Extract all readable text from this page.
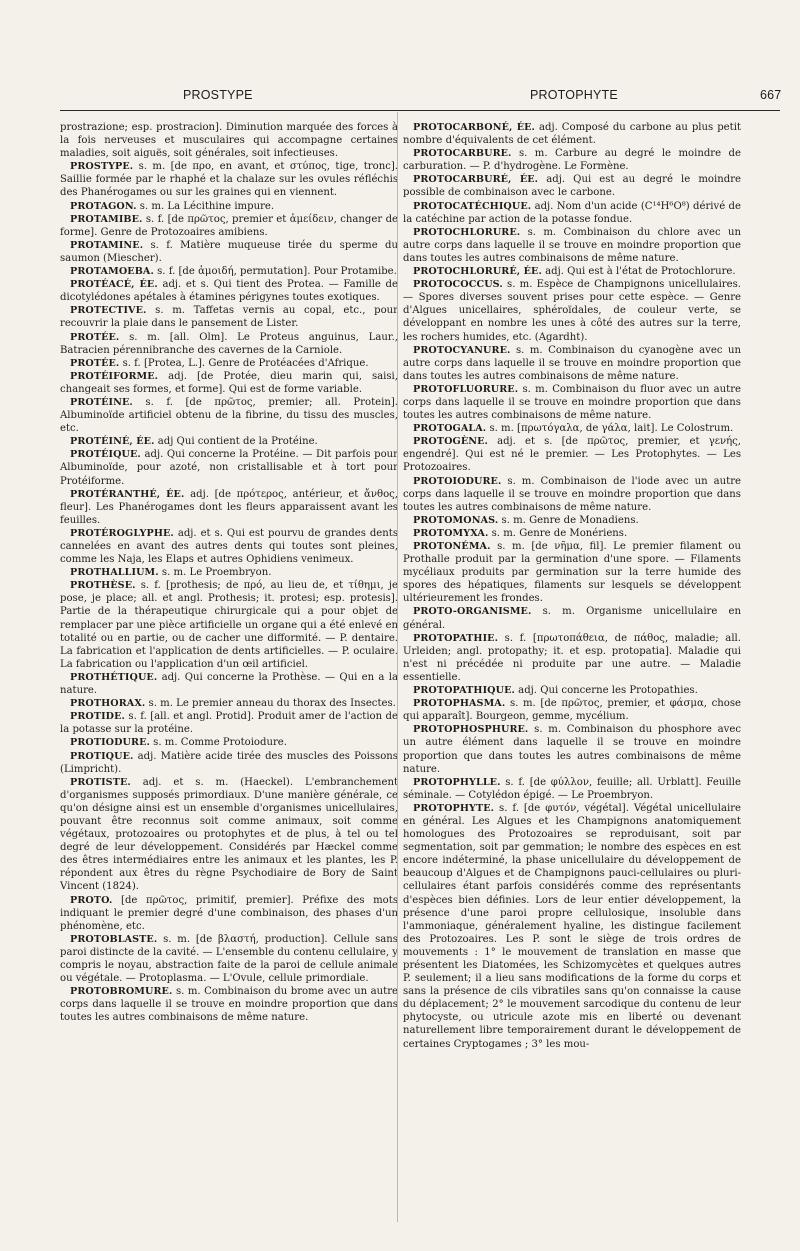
PROSTYPE	PROTOPHYTE	667

prostrazione; esp. prostracion]. Diminution marquée des forces à la fois nerveuses et musculaires qui accompagne certaines maladies, soit aiguës, soit générales, soit infectieuses.

PROSTYPE. s. m. [de πρo, en avant, et στύπος, tige, tronc]. Saillie formée par le rhaphé et la chalaze sur les ovules réfléchis des Phanérogames ou sur les graines qui en viennent.

PROTAGON. s. m. La Lécithine impure.

PROTAMIBE. s. f. [de πρῶτος, premier et ἀμείδειν, changer de forme]. Genre de Protozoaires amibiens.

PROTAMINE. s. f. Matière muqueuse tirée du sperme du saumon (Miescher).

PROTAMOEBA. s. f. [de ἀμοιδή, permutation]. Pour Protamibe.

PROTÉACÉ, ÉE. adj. et s. Qui tient des Protea. — Famille de dicotylédones apétales à étamines périgynes toutes exotiques.

PROTECTIVE. s. m. Taffetas vernis au copal, etc., pour recouvrir la plaie dans le pansement de Lister.

PROTÉE. s. m. [all. Olm]. Le Proteus anguinus, Laur., Batracien pérennibranche des cavernes de la Carniole.

PROTÉE. s. f. [Protea, L.]. Genre de Protéacées d'Afrique.

PROTÉIFORME. adj. [de Protée, dieu marin qui, saisi, changeait ses formes, et forme]. Qui est de forme variable.

PROTÉINE. s. f. [de πρῶτος, premier; all. Protein]. Albuminoïde artificiel obtenu de la fibrine, du tissu des muscles, etc.

PROTÉINÉ, ÉE. adj Qui contient de la Protéine.

PROTÉIQUE. adj. Qui concerne la Protéine. — Dit parfois pour Albuminoïde, pour azoté, non cristallisable et à tort pour Protéiforme.

PROTÉRANTHÉ, ÉE. adj. [de πρότερος, antérieur, et ἄνθος, fleur]. Les Phanérogames dont les fleurs apparaissent avant les feuilles.

PROTÉROGLYPHE. adj. et s. Qui est pourvu de grandes dents cannelées en avant des autres dents qui toutes sont pleines, comme les Naja, les Elaps et autres Ophidiens venimeux.

PROTHALLIUM. s. m. Le Proembryon.

PROTHÈSE. s. f. [prothesis; de πρό, au lieu de, et τίθημι, je pose, je place; all. et angl. Prothesis; it. protesi; esp. protesis]. Partie de la thérapeutique chirurgicale qui a pour objet de remplacer par une pièce artificielle un organe qui a été enlevé en totalité ou en partie, ou de cacher une difformité. — P. dentaire. La fabrication et l'application de dents artificielles. — P. oculaire. La fabrication ou l'application d'un œil artificiel.

PROTHÉTIQUE. adj. Qui concerne la Prothèse. — Qui en a la nature.

PROTHORAX. s. m. Le premier anneau du thorax des Insectes.

PROTIDE. s. f. [all. et angl. Protid]. Produit amer de l'action de la potasse sur la protéine.

PROTIODURE. s. m. Comme Protoiodure.

PROTIQUE. adj. Matière acide tirée des muscles des Poissons (Limpricht).

PROTISTE. adj. et s. m. (Haeckel). L'embranchement d'organismes supposés primordiaux. D'une manière générale, ce qu'on désigne ainsi est un ensemble d'organismes unicellulaires, pouvant être reconnus soit comme animaux, soit comme végétaux, protozoaires ou protophytes et de plus, à tel ou tel degré de leur développement. Considérés par Hæckel comme des êtres intermédiaires entre les animaux et les plantes, les P. répondent aux êtres du règne Psychodiaire de Bory de Saint Vincent (1824).

PROTO. [de πρῶτος, primitif, premier]. Préfixe des mots indiquant le premier degré d'une combinaison, des phases d'un phénomène, etc.

PROTOBLASTE. s. m. [de βλαστή, production]. Cellule sans paroi distincte de la cavité. — L'ensemble du contenu cellulaire, y compris le noyau, abstraction faite de la paroi de cellule animale ou végétale. — Protoplasma. — L'Ovule, cellule primordiale.

PROTOBROMURE. s. m. Combinaison du brome avec un autre corps dans laquelle il se trouve en moindre proportion que dans toutes les autres combinaisons de même nature.

PROTOCARBONÉ, ÉE. adj. Composé du carbone au plus petit nombre d'équivalents de cet élément.

PROTOCARBURE. s. m. Carbure au degré le moindre de carburation. — P. d'hydrogène. Le Formène.

PROTOCARBURÉ, ÉE. adj. Qui est au degré le moindre possible de combinaison avec le carbone.

PROTOCATÉCHIQUE. adj. Nom d'un acide (C¹⁴H⁶O⁸) dérivé de la catéchine par action de la potasse fondue.

PROTOCHLORURE. s. m. Combinaison du chlore avec un autre corps dans laquelle il se trouve en moindre proportion que dans toutes les autres combinaisons de même nature.

PROTOCHLORURÉ, ÉE. adj. Qui est à l'état de Protochlorure.

PROTOCOCCUS. s. m. Espèce de Champignons unicellulaires. — Spores diverses souvent prises pour cette espèce. — Genre d'Algues unicellaires, sphéroïdales, de couleur verte, se développant en nombre les unes à côté des autres sur la terre, les rochers humides, etc. (Agardht).

PROTOCYANURE. s. m. Combinaison du cyanogène avec un autre corps dans laquelle il se trouve en moindre proportion que dans toutes les autres combinaisons de même nature.

PROTOFLUORURE. s. m. Combinaison du fluor avec un autre corps dans laquelle il se trouve en moindre proportion que dans toutes les autres combinaisons de même nature.

PROTOGALA. s. m. [πρωτόγαλα, de γάλα, lait]. Le Colostrum.

PROTOGÈNE. adj. et s. [de πρῶτος, premier, et γενής, engendré]. Qui est né le premier. — Les Protophytes. — Les Protozoaires.

PROTOIODURE. s. m. Combinaison de l'iode avec un autre corps dans laquelle il se trouve en moindre proportion que dans toutes les autres combinaisons de même nature.

PROTOMONAS. s. m. Genre de Monadiens.

PROTOMYXA. s. m. Genre de Monériens.

PROTONÉMA. s. m. [de νῆμα, fil]. Le premier filament ou Prothalle produit par la germination d'une spore. — Filaments mycéliaux produits par germination sur la terre humide des spores des hépatiques, filaments sur lesquels se développent ultérieurement les frondes.

PROTO-ORGANISME. s. m. Organisme unicellulaire en général.

PROTOPATHIE. s. f. [πρωτοπάθεια, de πάθος, maladie; all. Urleiden; angl. protopathy; it. et esp. protopatia]. Maladie qui n'est ni précédée ni produite par une autre. — Maladie essentielle.

PROTOPATHIQUE. adj. Qui concerne les Protopathies.

PROTOPHASMA. s. m. [de πρῶτος, premier, et φάσμα, chose qui apparaît]. Bourgeon, gemme, mycélium.

PROTOPHOSPHURE. s. m. Combinaison du phosphore avec un autre élément dans laquelle il se trouve en moindre proportion que dans toutes les autres combinaisons de même nature.

PROTOPHYLLE. s. f. [de φύλλον, feuille; all. Urblatt]. Feuille séminale. — Cotylédon épigé. — Le Proembryon.

PROTOPHYTE. s. f. [de φυτόν, végétal]. Végétal unicellulaire en général. Les Algues et les Champignons anatomiquement homologues des Protozoaires se reproduisant, soit par segmentation, soit par gemmation; le nombre des espèces en est encore indéterminé, la phase unicellulaire du développement de beaucoup d'Algues et de Champignons pauci-cellulaires ou pluri-cellulaires étant parfois considérés comme des représentants d'espèces bien définies. Lors de leur entier développement, la présence d'une paroi propre cellulosique, insoluble dans l'ammoniaque, généralement hyaline, les distingue facilement des Protozoaires. Les P. sont le siège de trois ordres de mouvements : 1° le mouvement de translation en masse que présentent les Diatomées, les Schizomycètes et quelques autres P. seulement; il a lieu sans modifications de la forme du corps et sans la présence de cils vibratiles sans qu'on connaisse la cause du déplacement; 2° le mouvement sarcodique du contenu de leur phytocyste, ou utricule azote mis en liberté ou devenant naturellement libre temporairement durant le développement de certaines Cryptogames ; 3° les mou-
